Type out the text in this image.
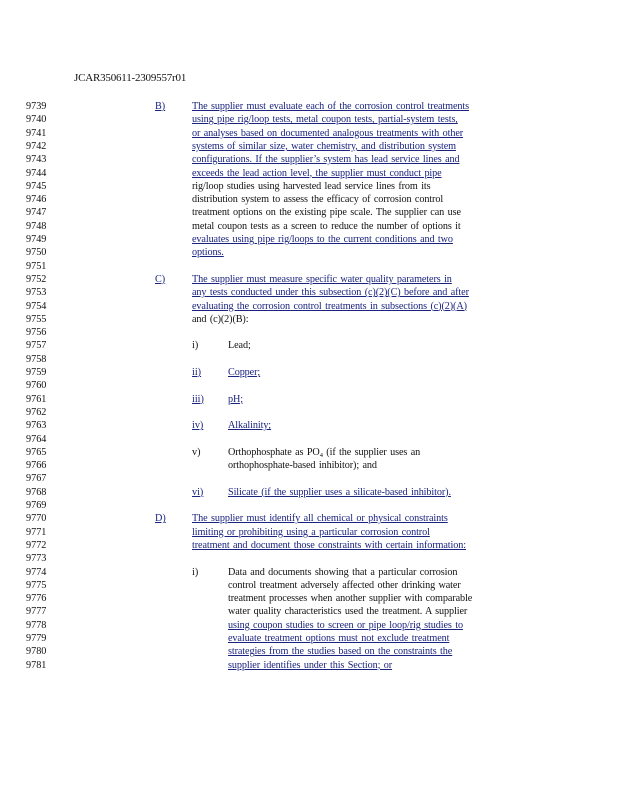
JCAR350611-2309557r01
9739	B)	The supplier must evaluate each of the corrosion control treatments
9740	using pipe rig/loop tests, metal coupon tests, partial-system tests,
9741	or analyses based on documented analogous treatments with other
9742	systems of similar size, water chemistry, and distribution system
9743	configurations. If the supplier’s system has lead service lines and
9744	exceeds the lead action level, the supplier must conduct pipe
9745	rig/loop studies using harvested lead service lines from its
9746	distribution system to assess the efficacy of corrosion control
9747	treatment options on the existing pipe scale. The supplier can use
9748	metal coupon tests as a screen to reduce the number of options it
9749	evaluates using pipe rig/loops to the current conditions and two
9750	options.
9751
9752	C)	The supplier must measure specific water quality parameters in
9753	any tests conducted under this subsection (c)(2)(C) before and after
9754	evaluating the corrosion control treatments in subsections (c)(2)(A)
9755	and (c)(2)(B):
9756
9757	i)	Lead;
9758
9759	ii)	Copper;
9760
9761	iii) pH;
9762
9763	iv) Alkalinity;
9764
9765	v)	Orthophosphate as $PO_4$ (if the supplier uses an
9766	orthophosphate-based inhibitor); and
9767
9768	vi) Silicate (if the supplier uses a silicate-based inhibitor).
9769
9770	D)	The supplier must identify all chemical or physical constraints
9771	limiting or prohibiting using a particular corrosion control
9772	treatment and document those constraints with certain information:
9773
9774	i)	Data and documents showing that a particular corrosion
9775	control treatment adversely affected other drinking water
9776	treatment processes when another supplier with comparable
9777	water quality characteristics used the treatment. A supplier
9778	using coupon studies to screen or pipe loop/rig studies to
9779	evaluate treatment options must not exclude treatment
9780	strategies from the studies based on the constraints the
9781	supplier identifies under this Section; or
